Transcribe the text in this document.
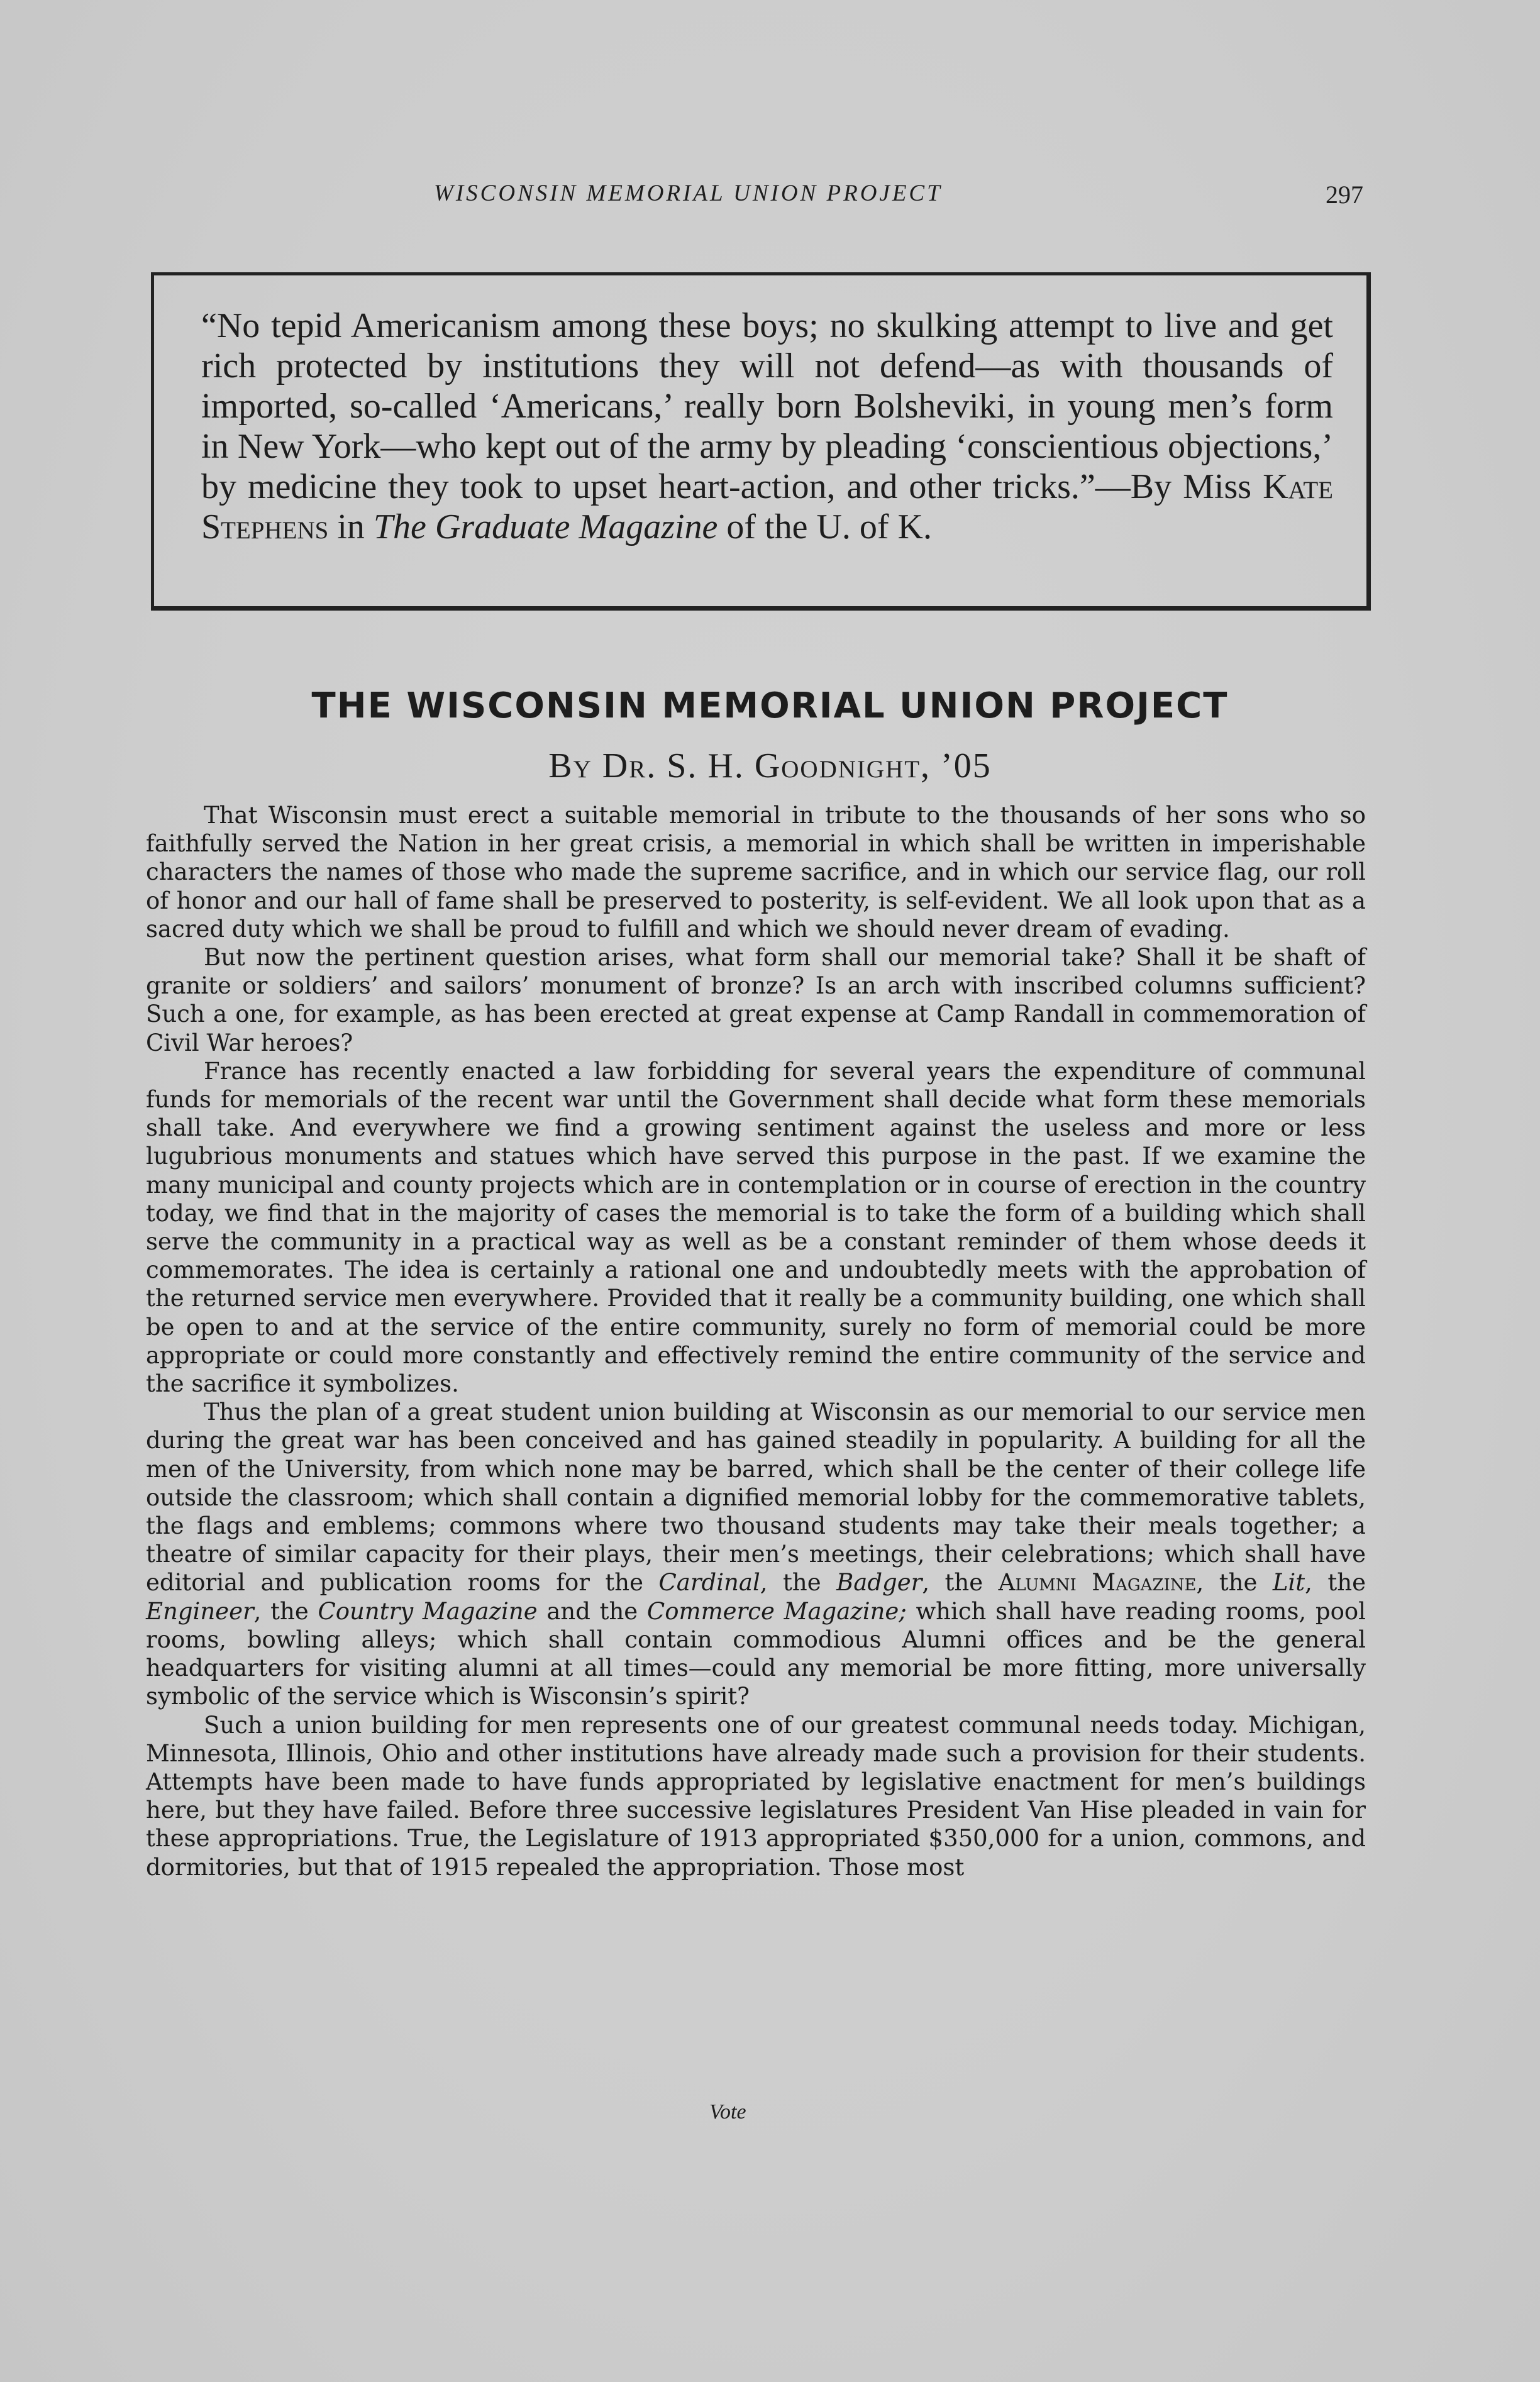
WISCONSIN MEMORIAL UNION PROJECT	297

“No tepid Americanism among these boys; no skulking attempt to live and get rich protected by institutions they will not defend—as with thousands of imported, so-called ‘Americans,’ really born Bolsheviki, in young men’s form in New York—who kept out of the army by pleading ‘conscientious objections,’ by medicine they took to upset heart-action, and other tricks.”—By Miss Kate Stephens in The Graduate Magazine of the U. of K.

THE WISCONSIN MEMORIAL UNION PROJECT
By Dr. S. H. Goodnight, ’05

That Wisconsin must erect a suitable memorial in tribute to the thousands of her sons who so faithfully served the Nation in her great crisis, a memorial in which shall be written in imperishable characters the names of those who made the supreme sacrifice, and in which our service flag, our roll of honor and our hall of fame shall be preserved to posterity, is self-evident. We all look upon that as a sacred duty which we shall be proud to fulfill and which we should never dream of evading.

But now the pertinent question arises, what form shall our memorial take? Shall it be shaft of granite or soldiers’ and sailors’ monument of bronze? Is an arch with inscribed columns sufficient? Such a one, for example, as has been erected at great expense at Camp Randall in commemoration of Civil War heroes?

France has recently enacted a law forbidding for several years the expenditure of communal funds for memorials of the recent war until the Government shall decide what form these memorials shall take. And everywhere we find a growing sentiment against the useless and more or less lugubrious monuments and statues which have served this purpose in the past. If we examine the many municipal and county projects which are in contemplation or in course of erection in the country today, we find that in the majority of cases the memorial is to take the form of a building which shall serve the community in a practical way as well as be a constant reminder of them whose deeds it commemorates. The idea is certainly a rational one and undoubtedly meets with the approbation of the returned service men everywhere. Provided that it really be a community building, one which shall be open to and at the service of the entire community, surely no form of memorial could be more appropriate or could more constantly and effectively remind the entire community of the service and the sacrifice it symbolizes.

Thus the plan of a great student union building at Wisconsin as our memorial to our service men during the great war has been conceived and has gained steadily in popularity. A building for all the men of the University, from which none may be barred, which shall be the center of their college life outside the classroom; which shall contain a dignified memorial lobby for the commemorative tablets, the flags and emblems; commons where two thousand students may take their meals together; a theatre of similar capacity for their plays, their men’s meetings, their celebrations; which shall have editorial and publication rooms for the Cardinal, the Badger, the Alumni Magazine, the Lit, the Engineer, the Country Magazine and the Commerce Magazine; which shall have reading rooms, pool rooms, bowling alleys; which shall contain commodious Alumni offices and be the general headquarters for visiting alumni at all times—could any memorial be more fitting, more universally symbolic of the service which is Wisconsin’s spirit?

Such a union building for men represents one of our greatest communal needs today. Michigan, Minnesota, Illinois, Ohio and other institutions have already made such a provision for their students. Attempts have been made to have funds appropriated by legislative enactment for men’s buildings here, but they have failed. Before three successive legislatures President Van Hise pleaded in vain for these appropriations. True, the Legislature of 1913 appropriated $350,000 for a union, commons, and dormitories, but that of 1915 repealed the appropriation. Those most

Vote
